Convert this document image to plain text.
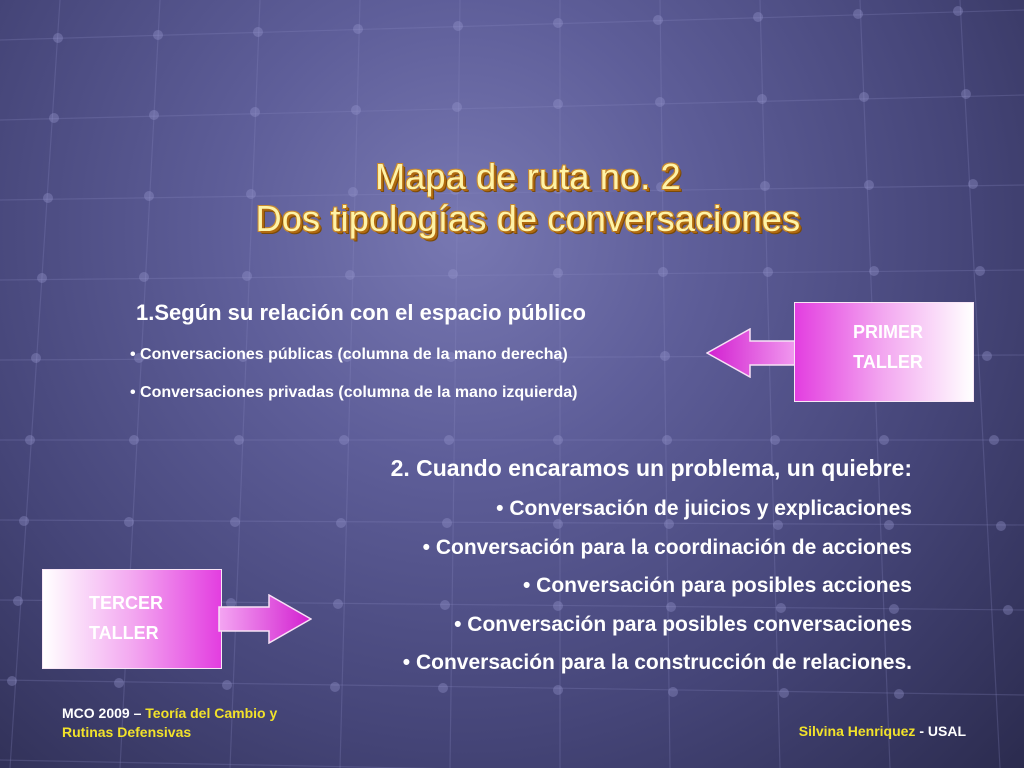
Mapa de ruta no. 2
Dos tipologías de conversaciones
1.Según su relación con el espacio público
• Conversaciones públicas (columna de la mano derecha)
• Conversaciones privadas (columna de la mano izquierda)
2. Cuando encaramos un problema, un quiebre:
• Conversación de juicios y explicaciones
• Conversación para la coordinación de acciones
• Conversación para posibles acciones
• Conversación para posibles conversaciones
• Conversación para la construcción de relaciones.
PRIMER
TALLER
TERCER
TALLER
MCO 2009 – Teoría del Cambio y
Rutinas Defensivas	Silvina Henriquez - USAL
